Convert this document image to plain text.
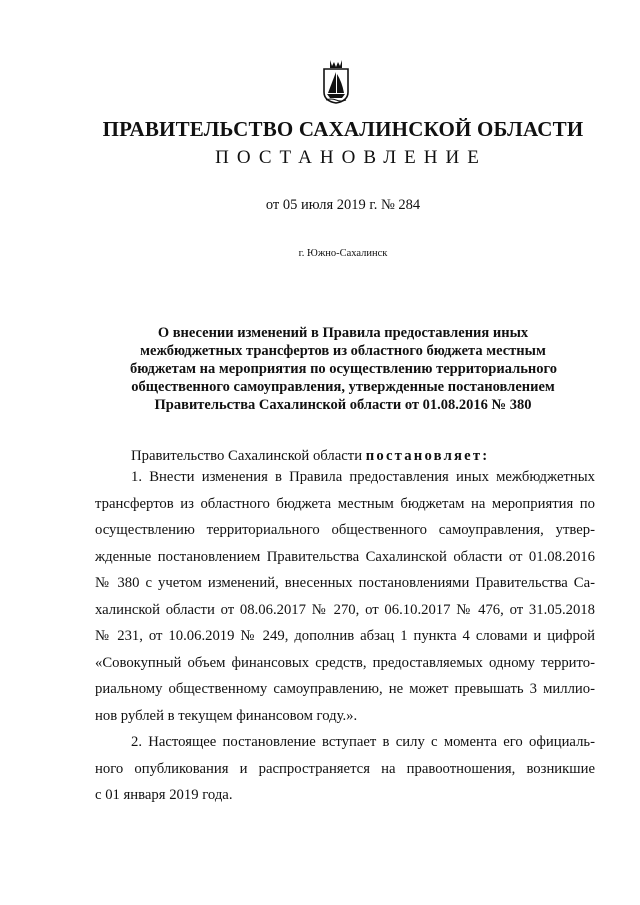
ПРАВИТЕЛЬСТВО САХАЛИНСКОЙ ОБЛАСТИ
ПОСТАНОВЛЕНИЕ
от 05 июля 2019 г. № 284
г. Южно-Сахалинск
О внесении изменений в Правила предоставления иных
межбюджетных трансфертов из областного бюджета местным
бюджетам на мероприятия по осуществлению территориального
общественного самоуправления, утвержденные постановлением
Правительства Сахалинской области от 01.08.2016 № 380
Правительство Сахалинской области постановляет:
1. Внести изменения в Правила предоставления иных межбюджетных
трансфертов из областного бюджета местным бюджетам на мероприятия по
осуществлению территориального общественного самоуправления, утвер-
жденные постановлением Правительства Сахалинской области от 01.08.2016
№ 380 с учетом изменений, внесенных постановлениями Правительства Са-
халинской области от 08.06.2017 № 270, от 06.10.2017 № 476, от 31.05.2018
№ 231, от 10.06.2019 № 249, дополнив абзац 1 пункта 4 словами и цифрой
«Совокупный объем финансовых средств, предоставляемых одному террито-
риальному общественному самоуправлению, не может превышать 3 миллио-
нов рублей в текущем финансовом году.».
2. Настоящее постановление вступает в силу с момента его официаль-
ного опубликования и распространяется на правоотношения, возникшие
с 01 января 2019 года.
